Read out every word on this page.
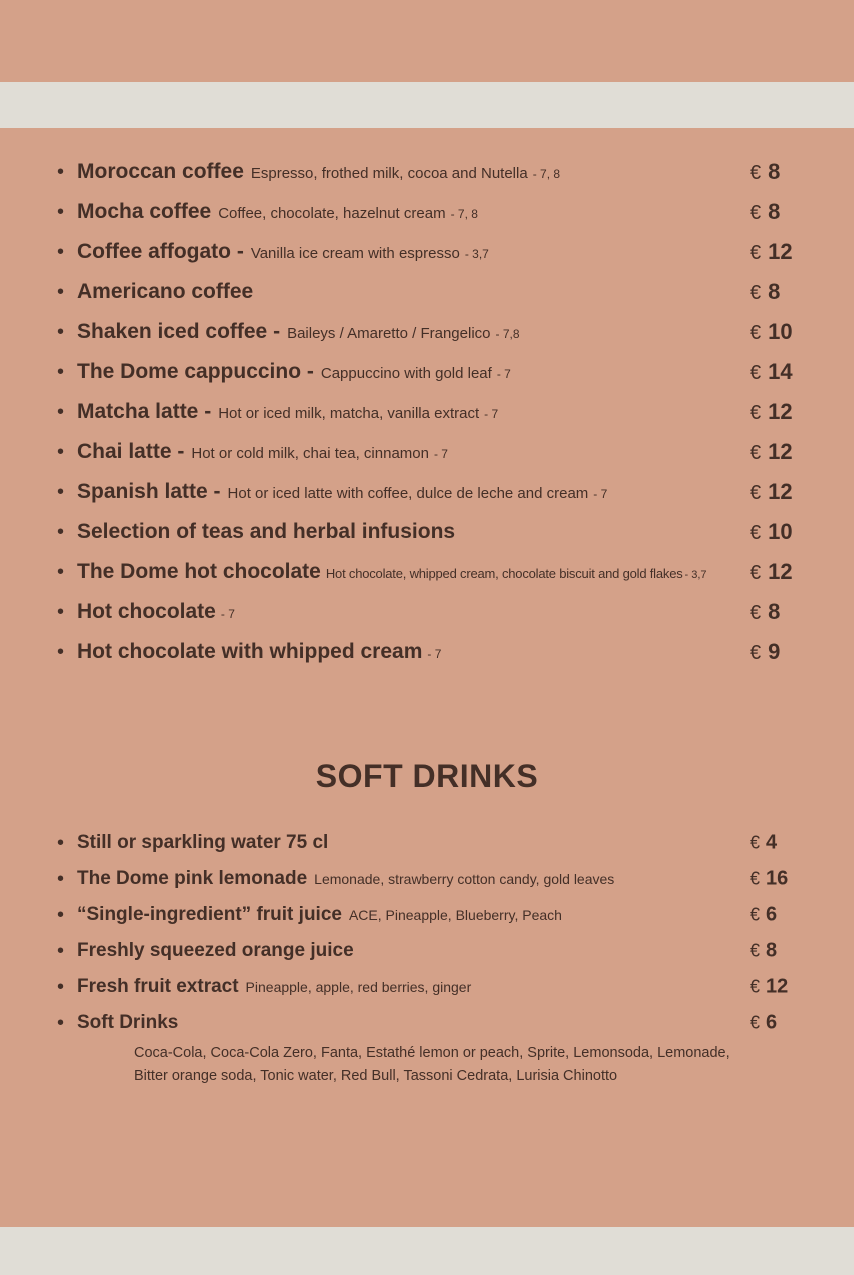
• Moroccan coffee Espresso, frothed milk, cocoa and Nutella - 7, 8	€ 8
• Mocha coffee Coffee, chocolate, hazelnut cream - 7, 8	€ 8
• Coffee affogato - Vanilla ice cream with espresso - 3,7	€ 12
• Americano coffee	€ 8
• Shaken iced coffee - Baileys / Amaretto / Frangelico - 7,8	€ 10
• The Dome cappuccino - Cappuccino with gold leaf - 7	€ 14
• Matcha latte - Hot or iced milk, matcha, vanilla extract - 7	€ 12
• Chai latte - Hot or cold milk, chai tea, cinnamon - 7	€ 12
• Spanish latte - Hot or iced latte with coffee, dulce de leche and cream - 7	€ 12
• Selection of teas and herbal infusions	€ 10
• The Dome hot chocolate Hot chocolate, whipped cream, chocolate biscuit and gold flakes - 3,7 € 12
• Hot chocolate - 7	€ 8
• Hot chocolate with whipped cream - 7	€ 9
SOFT DRINKS
• Still or sparkling water 75 cl	€ 4
• The Dome pink lemonade Lemonade, strawberry cotton candy, gold leaves	€ 16
• “Single-ingredient” fruit juice ACE, Pineapple, Blueberry, Peach	€ 6
• Freshly squeezed orange juice	€ 8
• Fresh fruit extract Pineapple, apple, red berries, ginger	€ 12
• Soft Drinks	€ 6
Coca-Cola, Coca-Cola Zero, Fanta, Estathé lemon or peach, Sprite, Lemonsoda, Lemonade,
Bitter orange soda, Tonic water, Red Bull, Tassoni Cedrata, Lurisia Chinotto
